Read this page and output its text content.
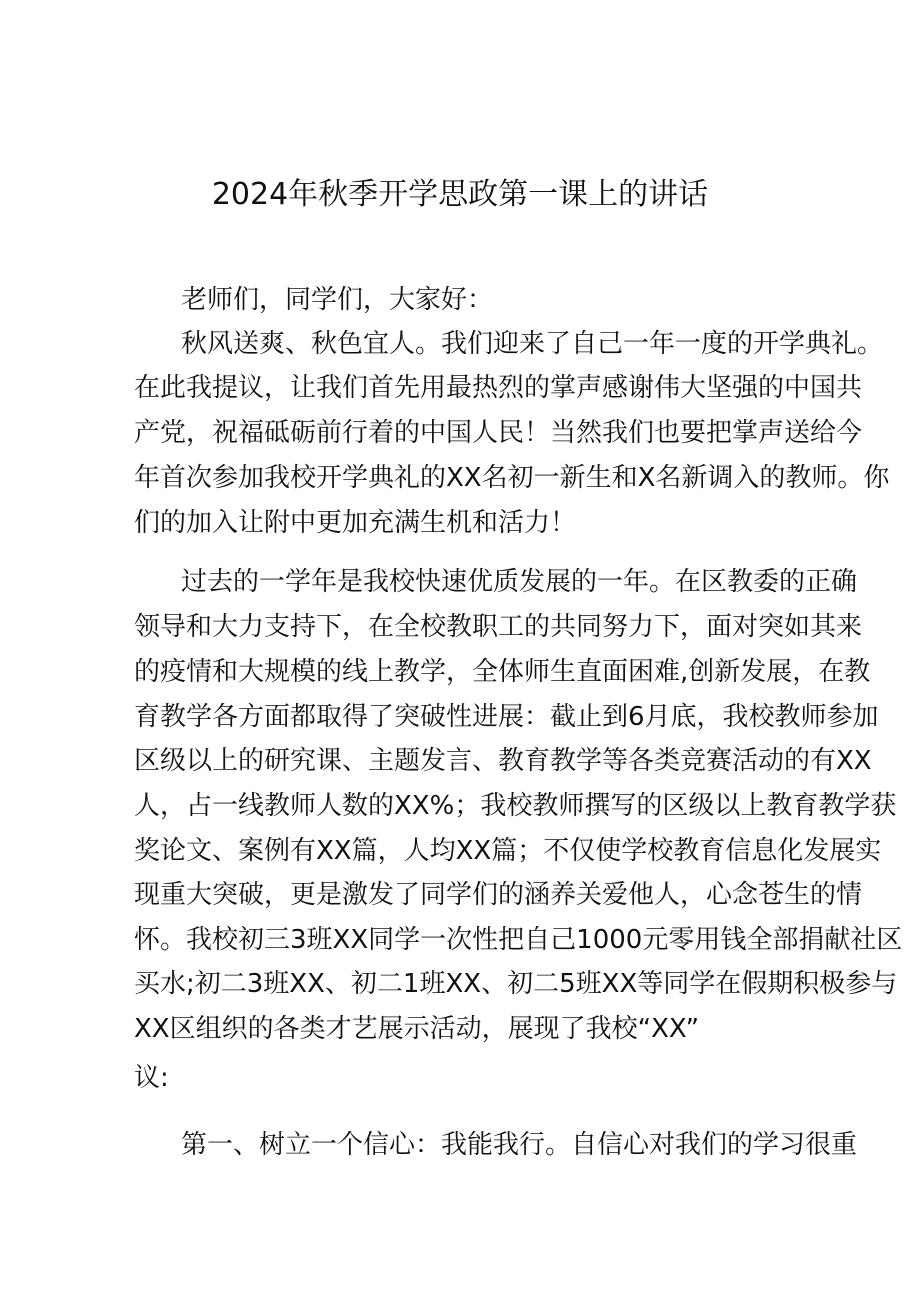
2024年秋季开学思政第一课上的讲话
老师们，同学们，大家好：
秋风送爽、秋色宜人。我们迎来了自己一年一度的开学典礼。
在此我提议，让我们首先用最热烈的掌声感谢伟大坚强的中国共
产党，祝福砥砺前行着的中国人民！当然我们也要把掌声送给今
年首次参加我校开学典礼的XX名初一新生和X名新调入的教师。你
们的加入让附中更加充满生机和活力！
过去的一学年是我校快速优质发展的一年。在区教委的正确
领导和大力支持下，在全校教职工的共同努力下，面对突如其来
的疫情和大规模的线上教学，全体师生直面困难,创新发展，在教
育教学各方面都取得了突破性进展：截止到6月底，我校教师参加
区级以上的研究课、主题发言、教育教学等各类竞赛活动的有XX
人，占一线教师人数的XX%；我校教师撰写的区级以上教育教学获
奖论文、案例有XX篇，人均XX篇；不仅使学校教育信息化发展实
现重大突破，更是激发了同学们的涵养关爱他人，心念苍生的情
怀。我校初三3班XX同学一次性把自己1000元零用钱全部捐献社区
买水;初二3班XX、初二1班XX、初二5班XX等同学在假期积极参与
XX区组织的各类才艺展示活动，展现了我校“XX”
议:
第一、树立一个信心：我能我行。自信心对我们的学习很重
